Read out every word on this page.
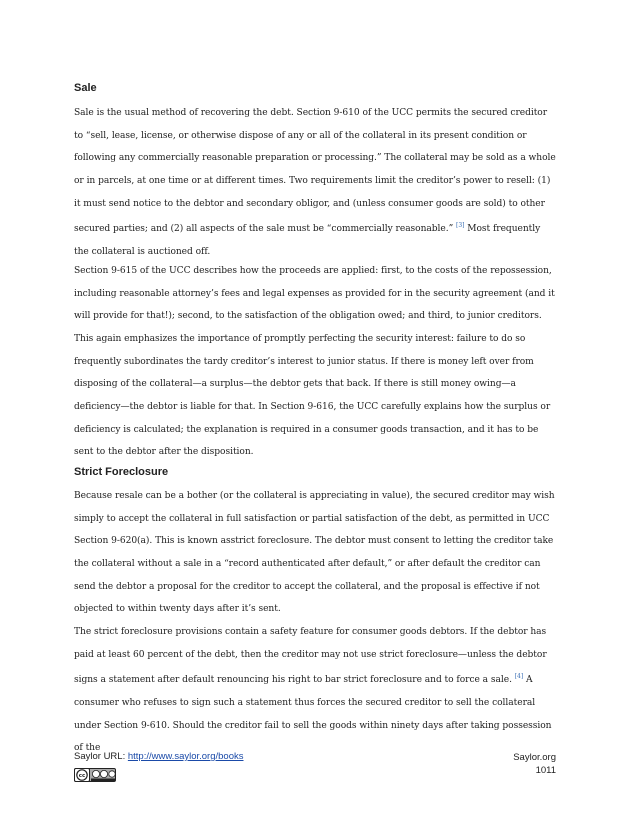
Sale

Sale is the usual method of recovering the debt. Section 9-610 of the UCC permits the secured creditor to “sell, lease, license, or otherwise dispose of any or all of the collateral in its present condition or following any commercially reasonable preparation or processing.” The collateral may be sold as a whole or in parcels, at one time or at different times. Two requirements limit the creditor’s power to resell: (1) it must send notice to the debtor and secondary obligor, and (unless consumer goods are sold) to other secured parties; and (2) all aspects of the sale must be “commercially reasonable.” [3] Most frequently the collateral is auctioned off.

Section 9-615 of the UCC describes how the proceeds are applied: first, to the costs of the repossession, including reasonable attorney’s fees and legal expenses as provided for in the security agreement (and it will provide for that!); second, to the satisfaction of the obligation owed; and third, to junior creditors. This again emphasizes the importance of promptly perfecting the security interest: failure to do so frequently subordinates the tardy creditor’s interest to junior status. If there is money left over from disposing of the collateral—a surplus—the debtor gets that back. If there is still money owing—a deficiency—the debtor is liable for that. In Section 9-616, the UCC carefully explains how the surplus or deficiency is calculated; the explanation is required in a consumer goods transaction, and it has to be sent to the debtor after the disposition.

Strict Foreclosure

Because resale can be a bother (or the collateral is appreciating in value), the secured creditor may wish simply to accept the collateral in full satisfaction or partial satisfaction of the debt, as permitted in UCC Section 9-620(a). This is known asstrict foreclosure. The debtor must consent to letting the creditor take the collateral without a sale in a “record authenticated after default,” or after default the creditor can send the debtor a proposal for the creditor to accept the collateral, and the proposal is effective if not objected to within twenty days after it’s sent.

The strict foreclosure provisions contain a safety feature for consumer goods debtors. If the debtor has paid at least 60 percent of the debt, then the creditor may not use strict foreclosure—unless the debtor signs a statement after default renouncing his right to bar strict foreclosure and to force a sale. [4] A consumer who refuses to sign such a statement thus forces the secured creditor to sell the collateral under Section 9-610. Should the creditor fail to sell the goods within ninety days after taking possession of the

Saylor URL: http://www.saylor.org/books
cc
Saylor.org
1011
